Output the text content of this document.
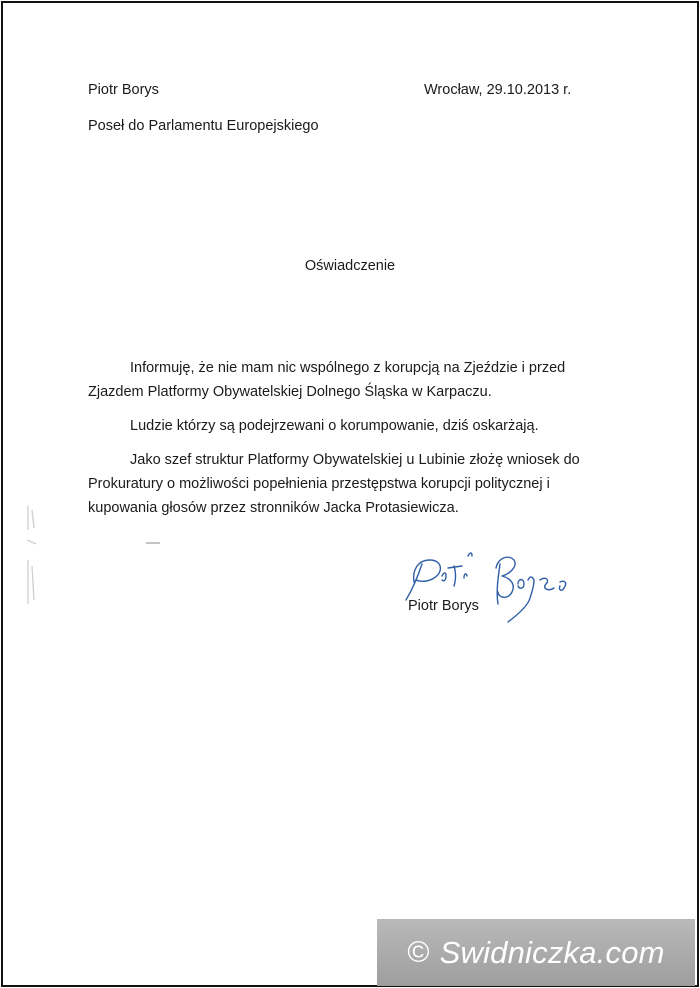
Piotr Borys
Poseł do Parlamentu Europejskiego
Wrocław, 29.10.2013 r.
Oświadczenie
Informuję, że nie mam nic wspólnego z korupcją na Zjeździe i przed Zjazdem Platformy Obywatelskiej Dolnego Śląska w Karpaczu.
Ludzie którzy są podejrzewani o korumpowanie, dziś oskarżają.
Jako szef struktur Platformy Obywatelskiej u Lubinie złożę wniosek do Prokuratury o możliwości popełnienia przestępstwa korupcji politycznej i kupowania głosów przez stronników Jacka Protasiewicza.
Piotr Borys
© Swidniczka.com
